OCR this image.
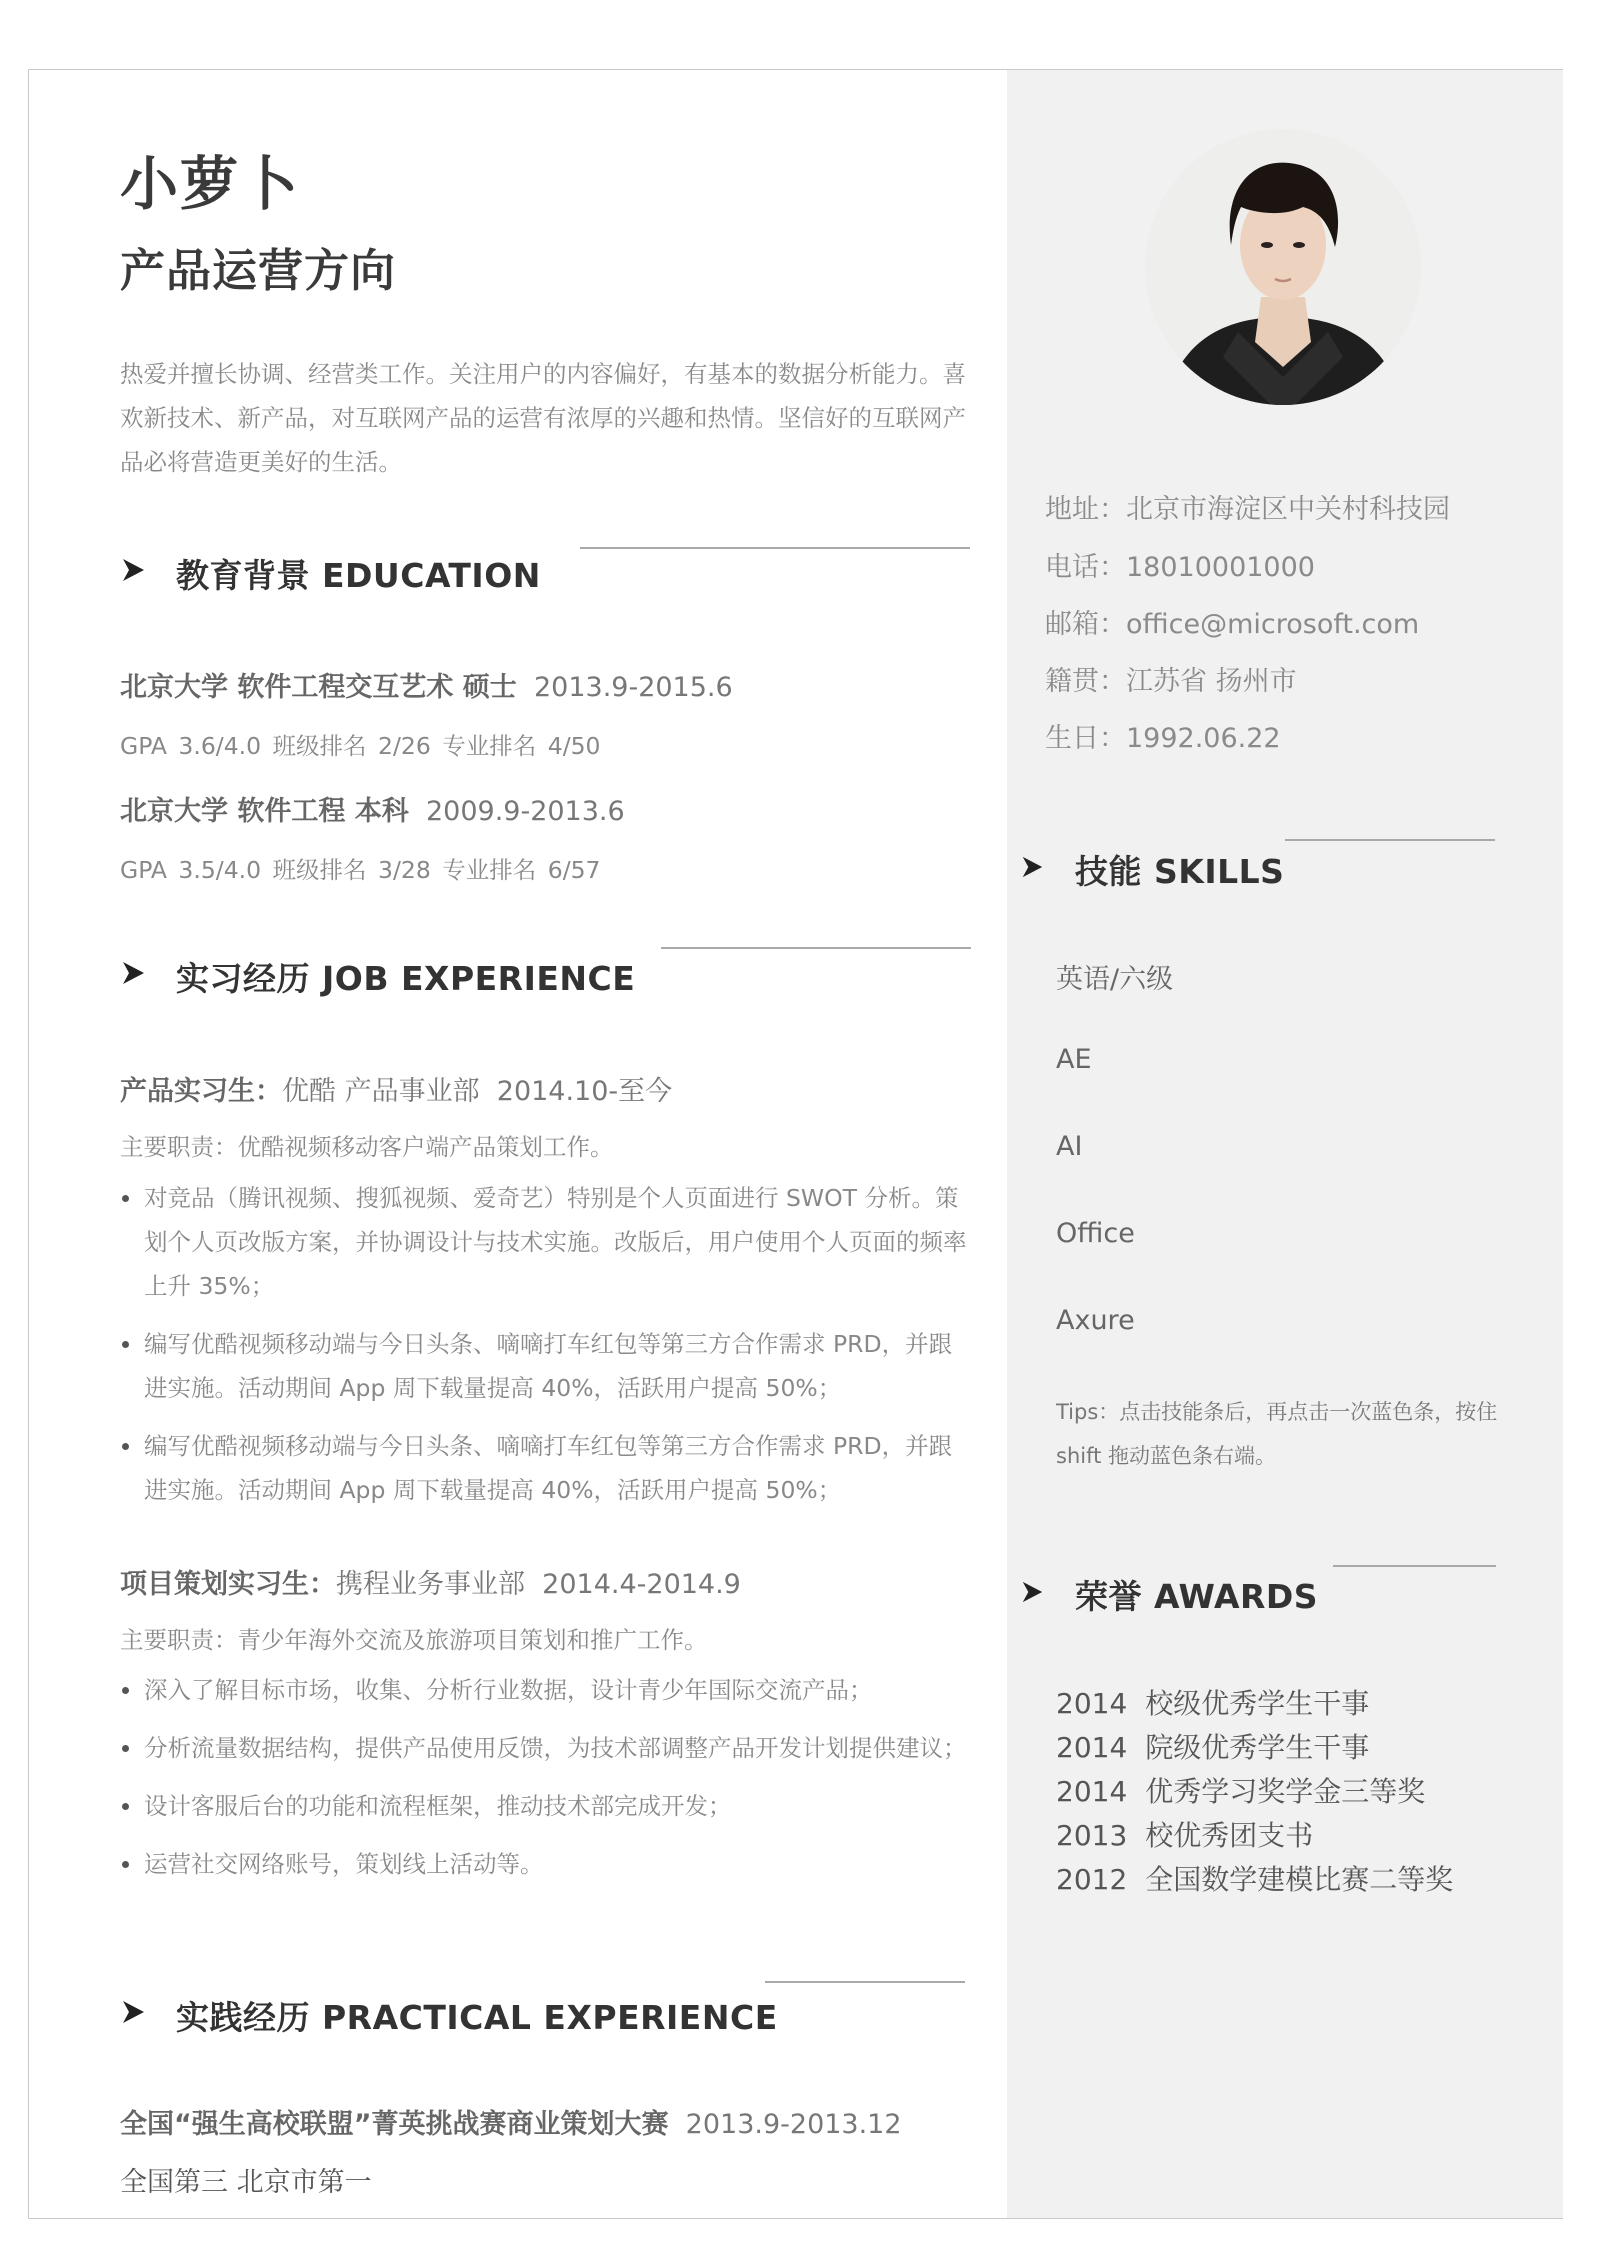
小萝卜
产品运营方向
热爱并擅长协调、经营类工作。关注用户的内容偏好，有基本的数据分析能力。喜欢新技术、新产品，对互联网产品的运营有浓厚的兴趣和热情。坚信好的互联网产品必将营造更美好的生活。
教育背景 EDUCATION
北京大学 软件工程交互艺术 硕士 2013.9-2015.6
GPA 3.6/4.0 班级排名 2/26 专业排名 4/50
北京大学 软件工程 本科 2009.9-2013.6
GPA 3.5/4.0 班级排名 3/28 专业排名 6/57
实习经历 JOB EXPERIENCE
产品实习生：优酷 产品事业部 2014.10-至今
主要职责：优酷视频移动客户端产品策划工作。
对竞品（腾讯视频、搜狐视频、爱奇艺）特别是个人页面进行 SWOT 分析。策划个人页改版方案，并协调设计与技术实施。改版后，用户使用个人页面的频率上升 35%；
编写优酷视频移动端与今日头条、嘀嘀打车红包等第三方合作需求 PRD，并跟进实施。活动期间 App 周下载量提高 40%，活跃用户提高 50%；
编写优酷视频移动端与今日头条、嘀嘀打车红包等第三方合作需求 PRD，并跟进实施。活动期间 App 周下载量提高 40%，活跃用户提高 50%；
项目策划实习生：携程业务事业部 2014.4-2014.9
主要职责：青少年海外交流及旅游项目策划和推广工作。
深入了解目标市场，收集、分析行业数据，设计青少年国际交流产品；
分析流量数据结构，提供产品使用反馈，为技术部调整产品开发计划提供建议；
设计客服后台的功能和流程框架，推动技术部完成开发；
运营社交网络账号，策划线上活动等。
实践经历 PRACTICAL EXPERIENCE
全国“强生高校联盟”菁英挑战赛商业策划大赛 2013.9-2013.12
全国第三 北京市第一
地址：北京市海淀区中关村科技园
电话：18010001000
邮箱：office@microsoft.com
籍贯：江苏省 扬州市
生日：1992.06.22
技能 SKILLS
英语/六级
AE
AI
Office
Axure
Tips：点击技能条后，再点击一次蓝色条，按住 shift 拖动蓝色条右端。
荣誉 AWARDS
2014 校级优秀学生干事
2014 院级优秀学生干事
2014 优秀学习奖学金三等奖
2013 校优秀团支书
2012 全国数学建模比赛二等奖
